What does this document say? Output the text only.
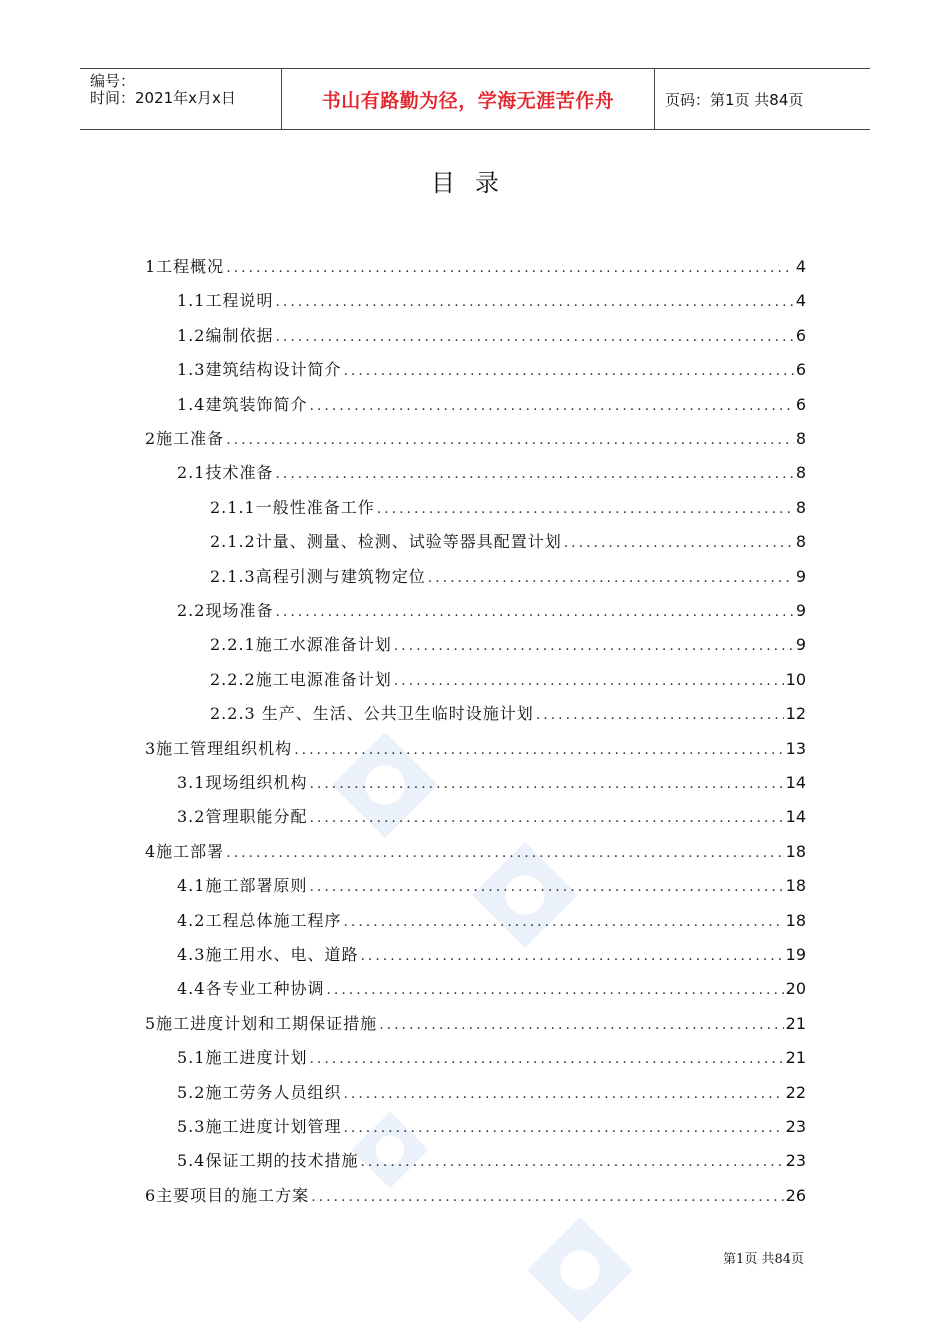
编号：
时间：2021年x月x日	书山有路勤为径，学海无涯苦作舟	页码：第1页 共84页
目录
1工程概况 .....	4
1.1工程说明 .....	4
1.2编制依据 .....	6
1.3建筑结构设计简介 .....	6
1.4建筑装饰简介 .....	6
2施工准备 .....	8
2.1技术准备 .....	8
2.1.1一般性准备工作 .....	8
2.1.2计量、测量、检测、试验等器具配置计划 .....	8
2.1.3高程引测与建筑物定位 .....	9
2.2现场准备 .....	9
2.2.1施工水源准备计划 .....	9
2.2.2施工电源准备计划 .....	10
2.2.3 生产、生活、公共卫生临时设施计划 .....	12
3施工管理组织机构 .....	13
3.1现场组织机构 .....	14
3.2管理职能分配 .....	14
4施工部署 .....	18
4.1施工部署原则 .....	18
4.2工程总体施工程序 .....	18
4.3施工用水、电、道路 .....	19
4.4各专业工种协调 .....	20
5施工进度计划和工期保证措施 .....	21
5.1施工进度计划 .....	21
5.2施工劳务人员组织 .....	22
5.3施工进度计划管理 .....	23
5.4保证工期的技术措施 .....	23
6主要项目的施工方案 .....	26
第1页 共84页
